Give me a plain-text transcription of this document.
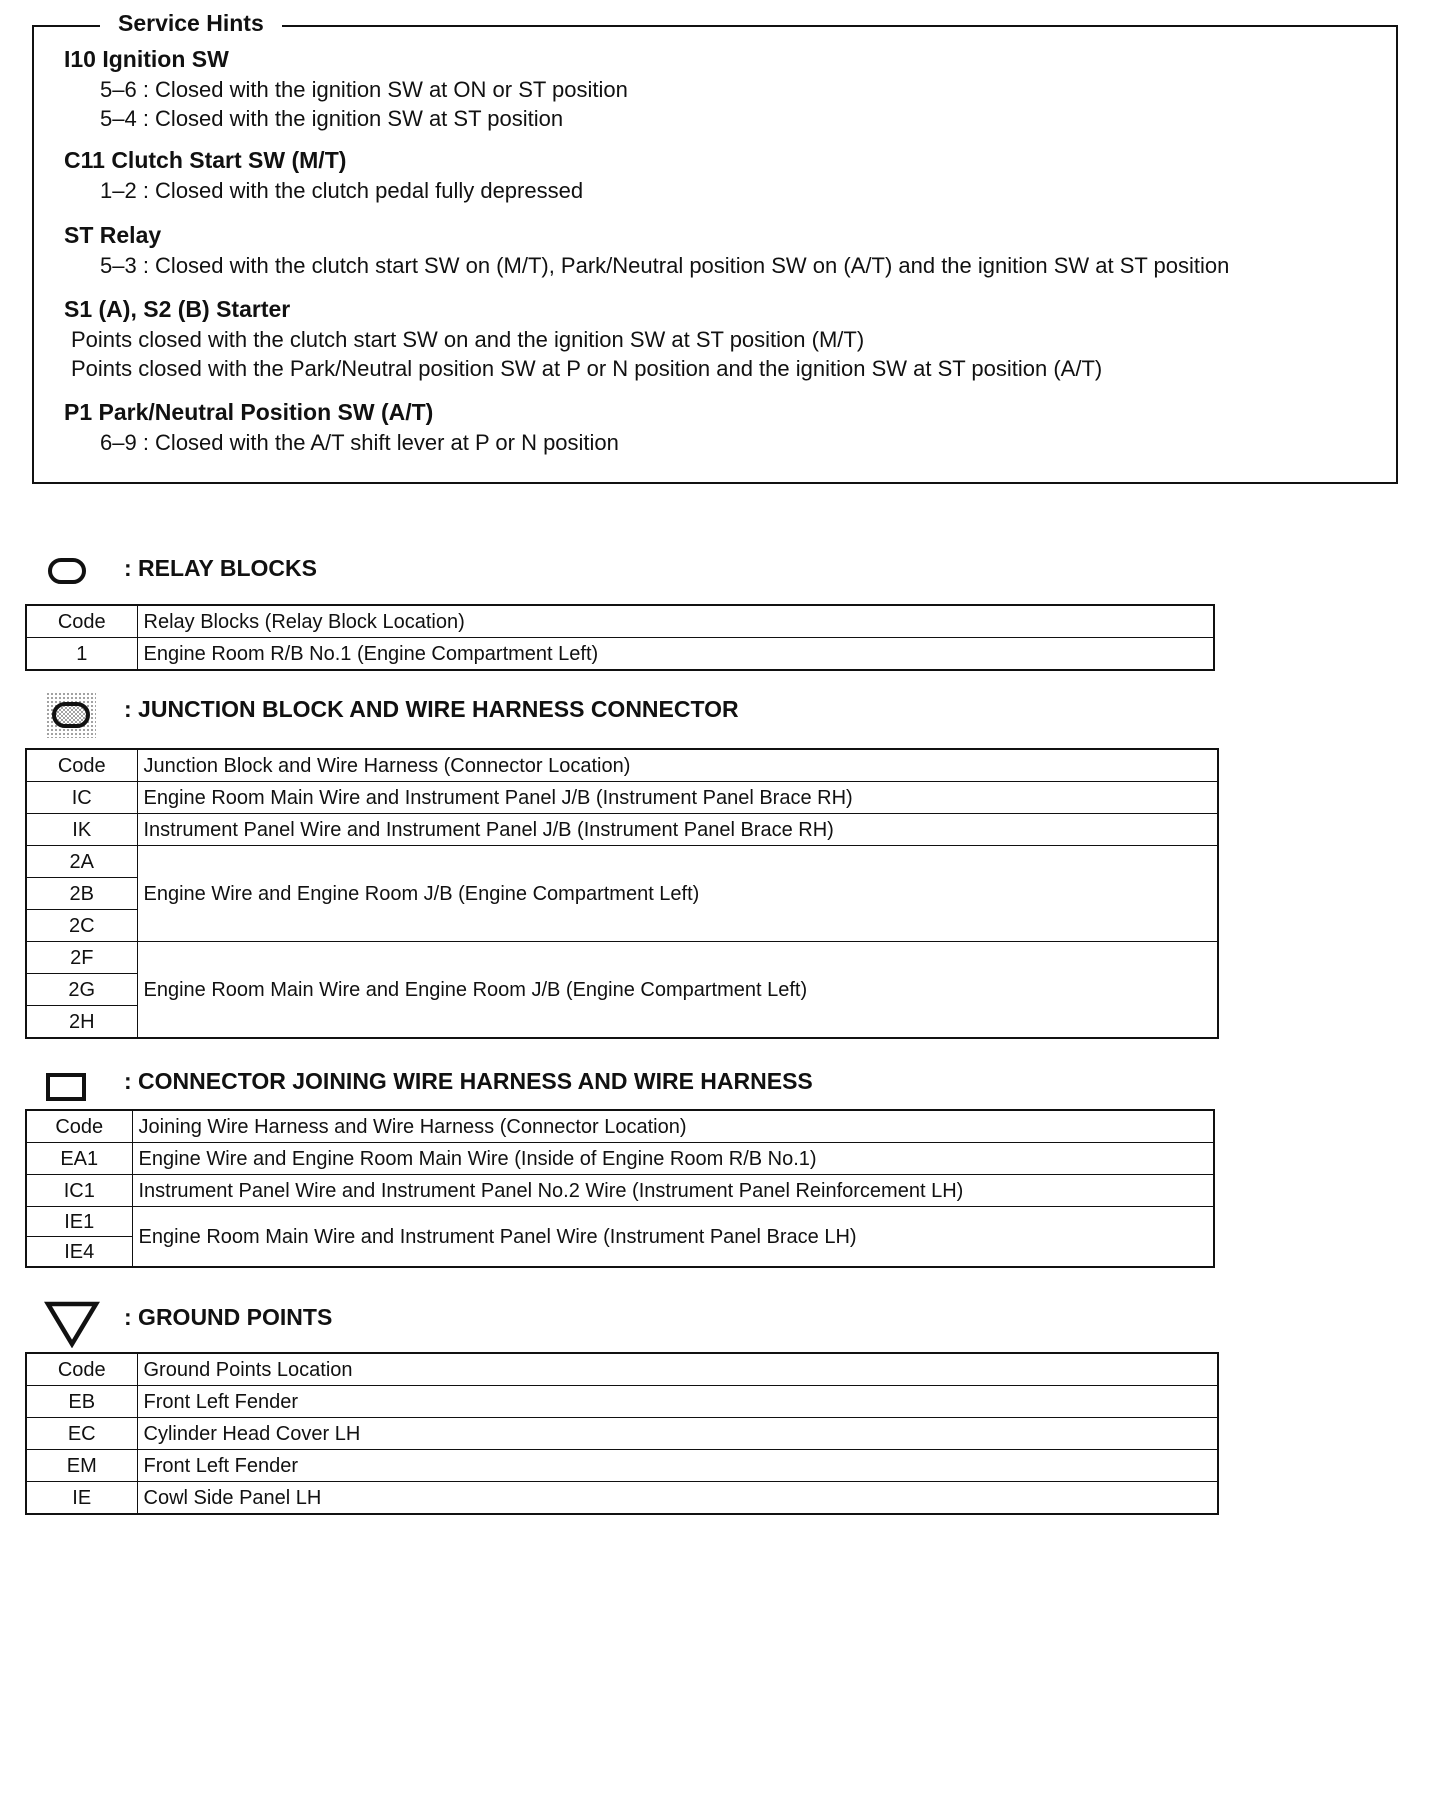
Service Hints
I10 Ignition SW
5–6 : Closed with the ignition SW at ON or ST position
5–4 : Closed with the ignition SW at ST position
C11 Clutch Start SW (M/T)
1–2 : Closed with the clutch pedal fully depressed
ST Relay
5–3 : Closed with the clutch start SW on (M/T), Park/Neutral position SW on (A/T) and the ignition SW at ST position
S1 (A), S2 (B) Starter
Points closed with the clutch start SW on and the ignition SW at ST position (M/T)
Points closed with the Park/Neutral position SW at P or N position and the ignition SW at ST position (A/T)
P1 Park/Neutral Position SW (A/T)
6–9 : Closed with the A/T shift lever at P or N position
: RELAY BLOCKS
Code	Relay Blocks (Relay Block Location)
1	Engine Room R/B No.1 (Engine Compartment Left)
: JUNCTION BLOCK AND WIRE HARNESS CONNECTOR
Code	Junction Block and Wire Harness (Connector Location)
IC	Engine Room Main Wire and Instrument Panel J/B (Instrument Panel Brace RH)
IK	Instrument Panel Wire and Instrument Panel J/B (Instrument Panel Brace RH)
2A	Engine Wire and Engine Room J/B (Engine Compartment Left)
2B	
2C	
2F	Engine Room Main Wire and Engine Room J/B (Engine Compartment Left)
2G	
2H	
: CONNECTOR JOINING WIRE HARNESS AND WIRE HARNESS
Code	Joining Wire Harness and Wire Harness (Connector Location)
EA1	Engine Wire and Engine Room Main Wire (Inside of Engine Room R/B No.1)
IC1	Instrument Panel Wire and Instrument Panel No.2 Wire (Instrument Panel Reinforcement LH)
IE1	Engine Room Main Wire and Instrument Panel Wire (Instrument Panel Brace LH)
IE4	
: GROUND POINTS
Code	Ground Points Location
EB	Front Left Fender
EC	Cylinder Head Cover LH
EM	Front Left Fender
IE	Cowl Side Panel LH
